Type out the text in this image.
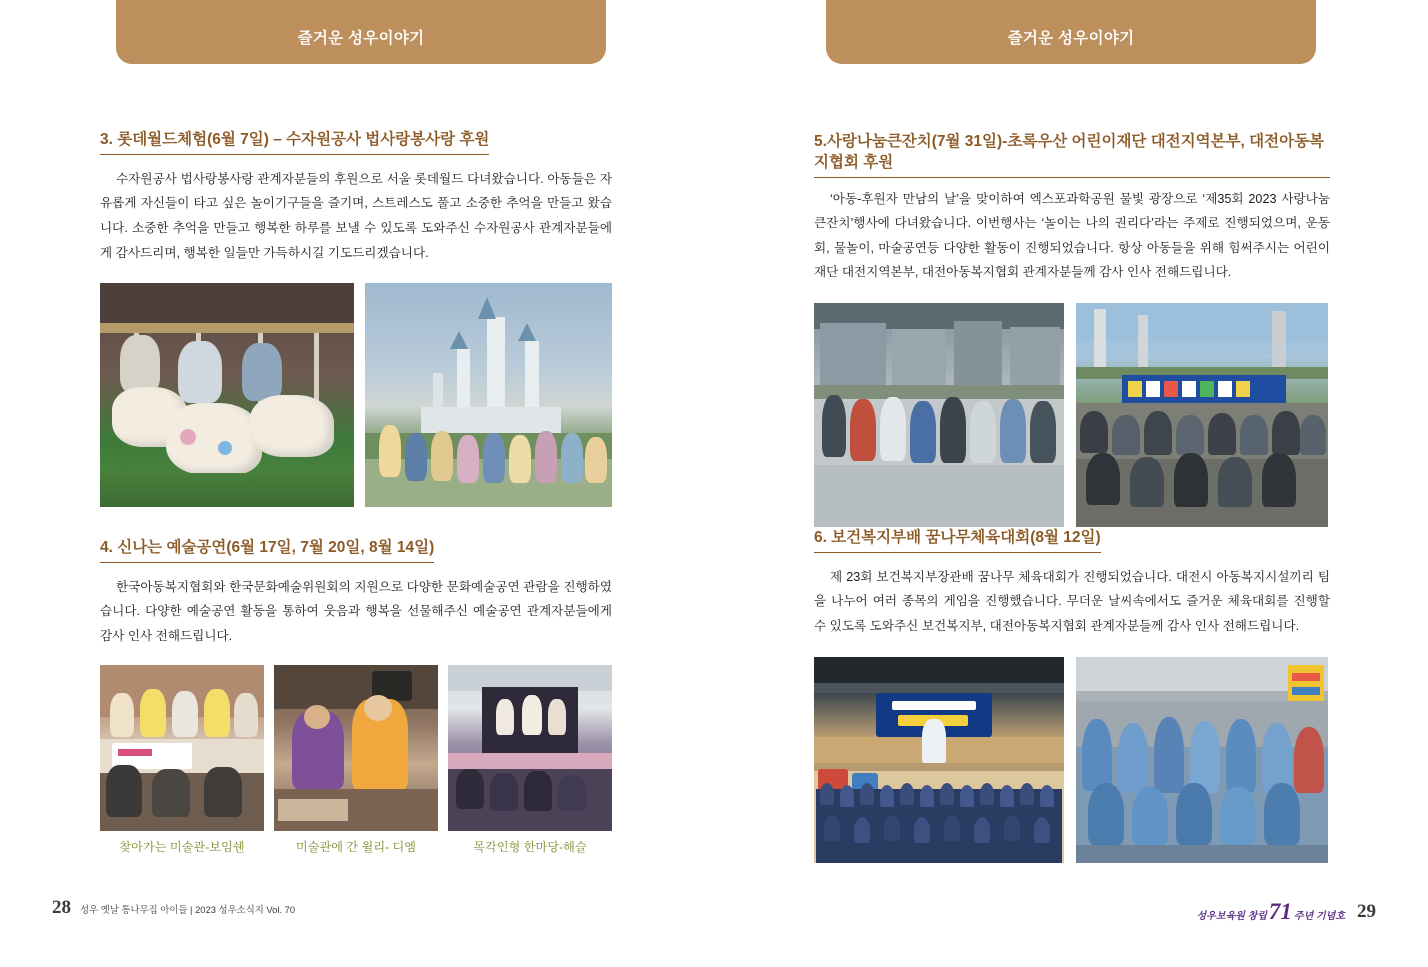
즐거운 성우이야기
3. 롯데월드체험(6월 7일) – 수자원공사 법사랑봉사랑 후원
수자원공사 법사랑봉사랑 관계자분들의 후원으로 서울 롯데월드 다녀왔습니다. 아동들은 자유롭게 자신들이 타고 싶은 놀이기구들을 즐기며, 스트레스도 풀고 소중한 추억을 만들고 왔습니다. 소중한 추억을 만들고 행복한 하루를 보낼 수 있도록 도와주신 수자원공사 관계자분들에게 감사드리며, 행복한 일들만 가득하시길 기도드리겠습니다.
4. 신나는 예술공연(6월 17일, 7월 20일, 8월 14일)
한국아동복지협회와 한국문화예술위원회의 지원으로 다양한 문화예술공연 관람을 진행하였습니다. 다양한 예술공연 활동을 통하여 웃음과 행복을 선물해주신 예술공연 관계자분들에게 감사 인사 전해드립니다.
찾아가는 미술관-보임쉔	미술관에 간 윌리- 디엠	목각인형 한마당-해슬
28 성우 옛날 통나무집 아이들 | 2023 성우소식지 Vol. 70
즐거운 성우이야기
5.사랑나눔큰잔치(7월 31일)-초록우산 어린이재단 대전지역본부, 대전아동복지협회 후원
‘아동-후원자 만남의 날’을 맞이하여 엑스포과학공원 물빛 광장으로 ‘제35회 2023 사랑나눔 큰잔치’행사에 다녀왔습니다. 이번행사는 ‘놀이는 나의 권리다’라는 주제로 진행되었으며, 운동회, 물놀이, 마술공연등 다양한 활동이 진행되었습니다. 항상 아동들을 위해 힘써주시는 어린이재단 대전지역본부, 대전아동복지협회 관계자분들께 감사 인사 전해드립니다.
6. 보건복지부배 꿈나무체육대회(8월 12일)
제 23회 보건복지부장관배 꿈나무 체육대회가 진행되었습니다. 대전시 아동복지시설끼리 팀을 나누어 여러 종목의 게임을 진행했습니다. 무더운 날씨속에서도 즐거운 체육대회를 진행할 수 있도록 도와주신 보건복지부, 대전아동복지협회 관계자분들께 감사 인사 전해드립니다.
성우보육원 창립 71 주년 기념호 29
